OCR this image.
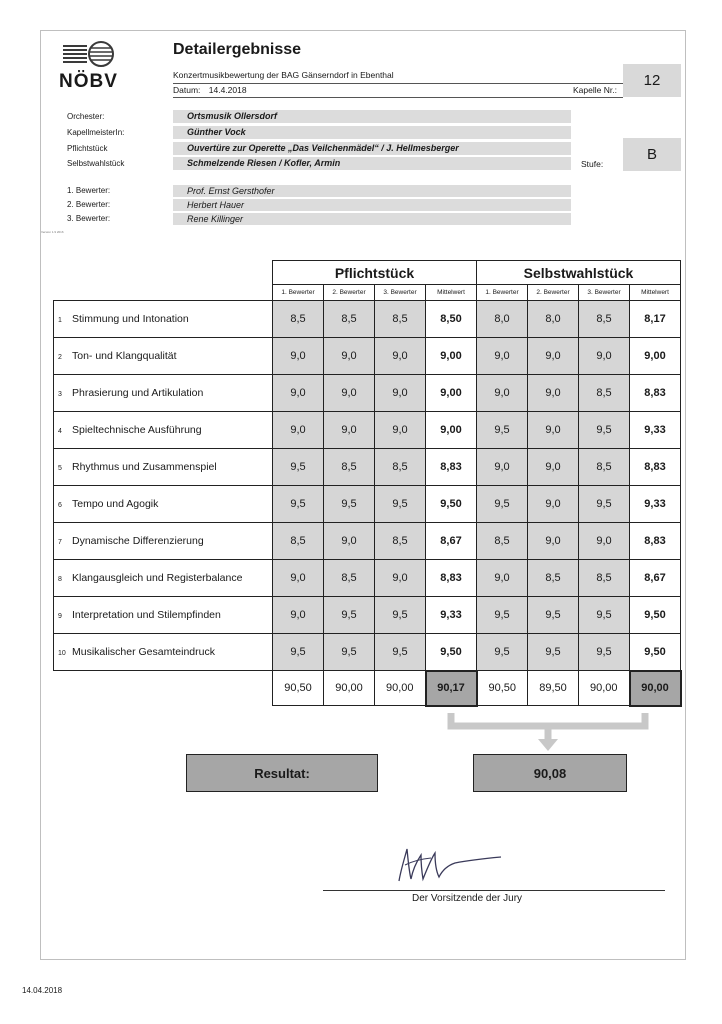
NÖBV
Detailergebnisse
Konzertmusikbewertung der BAG Gänserndorf in Ebenthal
Datum: 14.4.2018	Kapelle Nr.:
12
Orchester:	Ortsmusik Ollersdorf
KapellmeisterIn:	Günther Vock
Pflichtstück	Ouvertüre zur Operette „Das Veilchenmädel“ / J. Hellmesberger
Selbstwahlstück	Schmelzende Riesen / Kofler, Armin	Stufe:
B
1. Bewerter:	Prof. Ernst Gersthofer
2. Bewerter:	Herbert Hauer
3. Bewerter:	Rene Killinger
Version 1.9 2016
	Pflichtstück				Selbstwahlstück			
	1. Bewerter	2. Bewerter	3. Bewerter	Mittelwert	1. Bewerter	2. Bewerter	3. Bewerter	Mittelwert
1 Stimmung und Intonation	8,5	8,5	8,5	8,50	8,0	8,0	8,5	8,17
2 Ton- und Klangqualität	9,0	9,0	9,0	9,00	9,0	9,0	9,0	9,00
3 Phrasierung und Artikulation	9,0	9,0	9,0	9,00	9,0	9,0	8,5	8,83
4 Spieltechnische Ausführung	9,0	9,0	9,0	9,00	9,5	9,0	9,5	9,33
5 Rhythmus und Zusammenspiel	9,5	8,5	8,5	8,83	9,0	9,0	8,5	8,83
6 Tempo und Agogik	9,5	9,5	9,5	9,50	9,5	9,0	9,5	9,33
7 Dynamische Differenzierung	8,5	9,0	8,5	8,67	8,5	9,0	9,0	8,83
8 Klangausgleich und Registerbalance	9,0	8,5	9,0	8,83	9,0	8,5	8,5	8,67
9 Interpretation und Stilempfinden	9,0	9,5	9,5	9,33	9,5	9,5	9,5	9,50
10 Musikalischer Gesamteindruck	9,5	9,5	9,5	9,50	9,5	9,5	9,5	9,50
	90,50	90,00	90,00	90,17	90,50	89,50	90,00	90,00
Resultat:	90,08
Der Vorsitzende der Jury
14.04.2018
